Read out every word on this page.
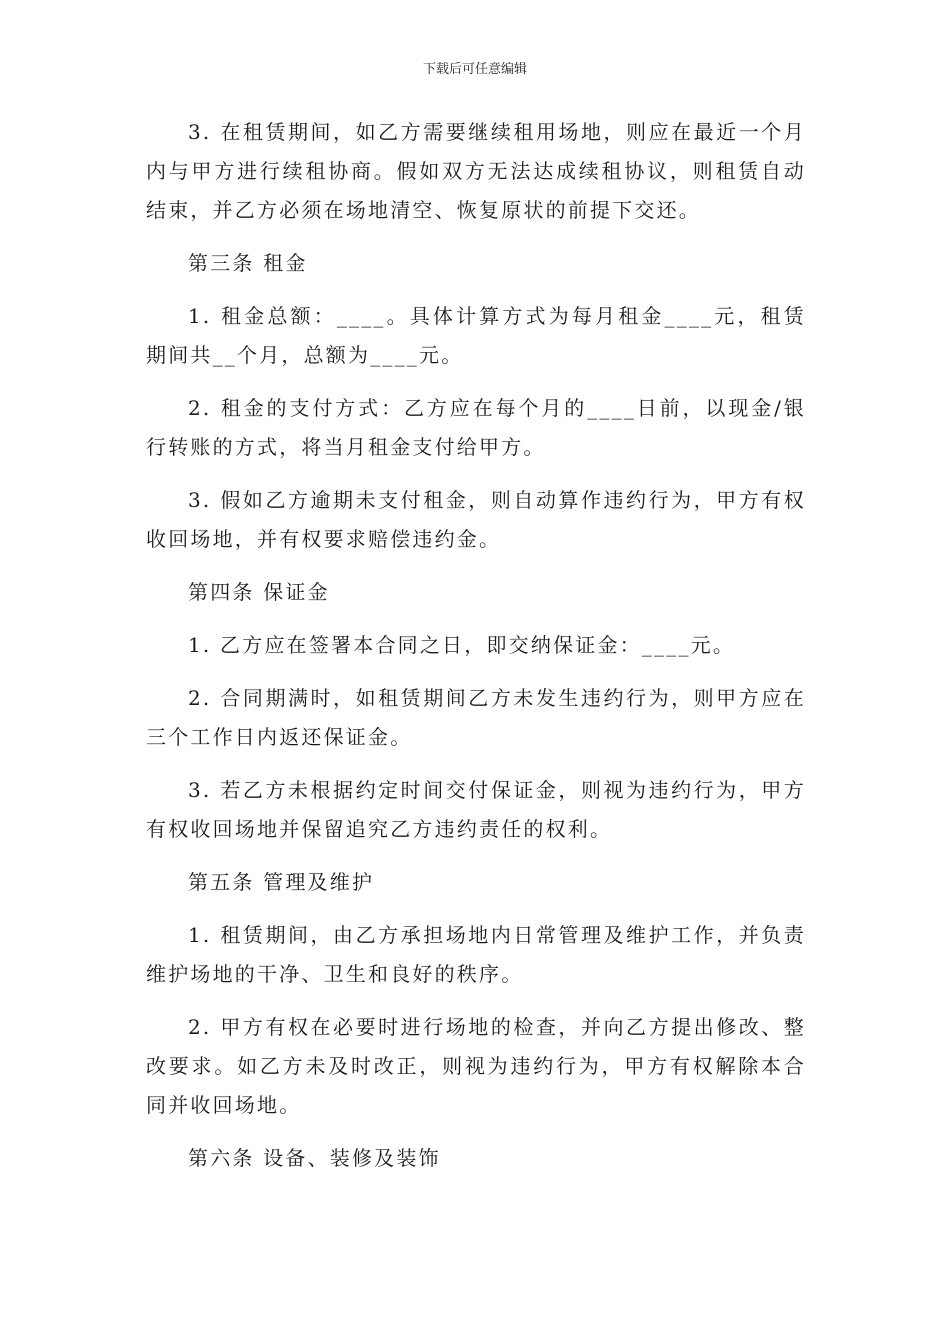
下载后可任意编辑

3. 在租赁期间，如乙方需要继续租用场地，则应在最近一个月内与甲方进行续租协商。假如双方无法达成续租协议，则租赁自动结束，并乙方必须在场地清空、恢复原状的前提下交还。

第三条 租金

1. 租金总额：____。具体计算方式为每月租金____元，租赁期间共__个月，总额为____元。

2. 租金的支付方式：乙方应在每个月的____日前，以现金/银行转账的方式，将当月租金支付给甲方。

3. 假如乙方逾期未支付租金，则自动算作违约行为，甲方有权收回场地，并有权要求赔偿违约金。

第四条 保证金

1. 乙方应在签署本合同之日，即交纳保证金：____元。

2. 合同期满时，如租赁期间乙方未发生违约行为，则甲方应在三个工作日内返还保证金。

3. 若乙方未根据约定时间交付保证金，则视为违约行为，甲方有权收回场地并保留追究乙方违约责任的权利。

第五条 管理及维护

1. 租赁期间，由乙方承担场地内日常管理及维护工作，并负责维护场地的干净、卫生和良好的秩序。

2. 甲方有权在必要时进行场地的检查，并向乙方提出修改、整改要求。如乙方未及时改正，则视为违约行为，甲方有权解除本合同并收回场地。

第六条 设备、装修及装饰
